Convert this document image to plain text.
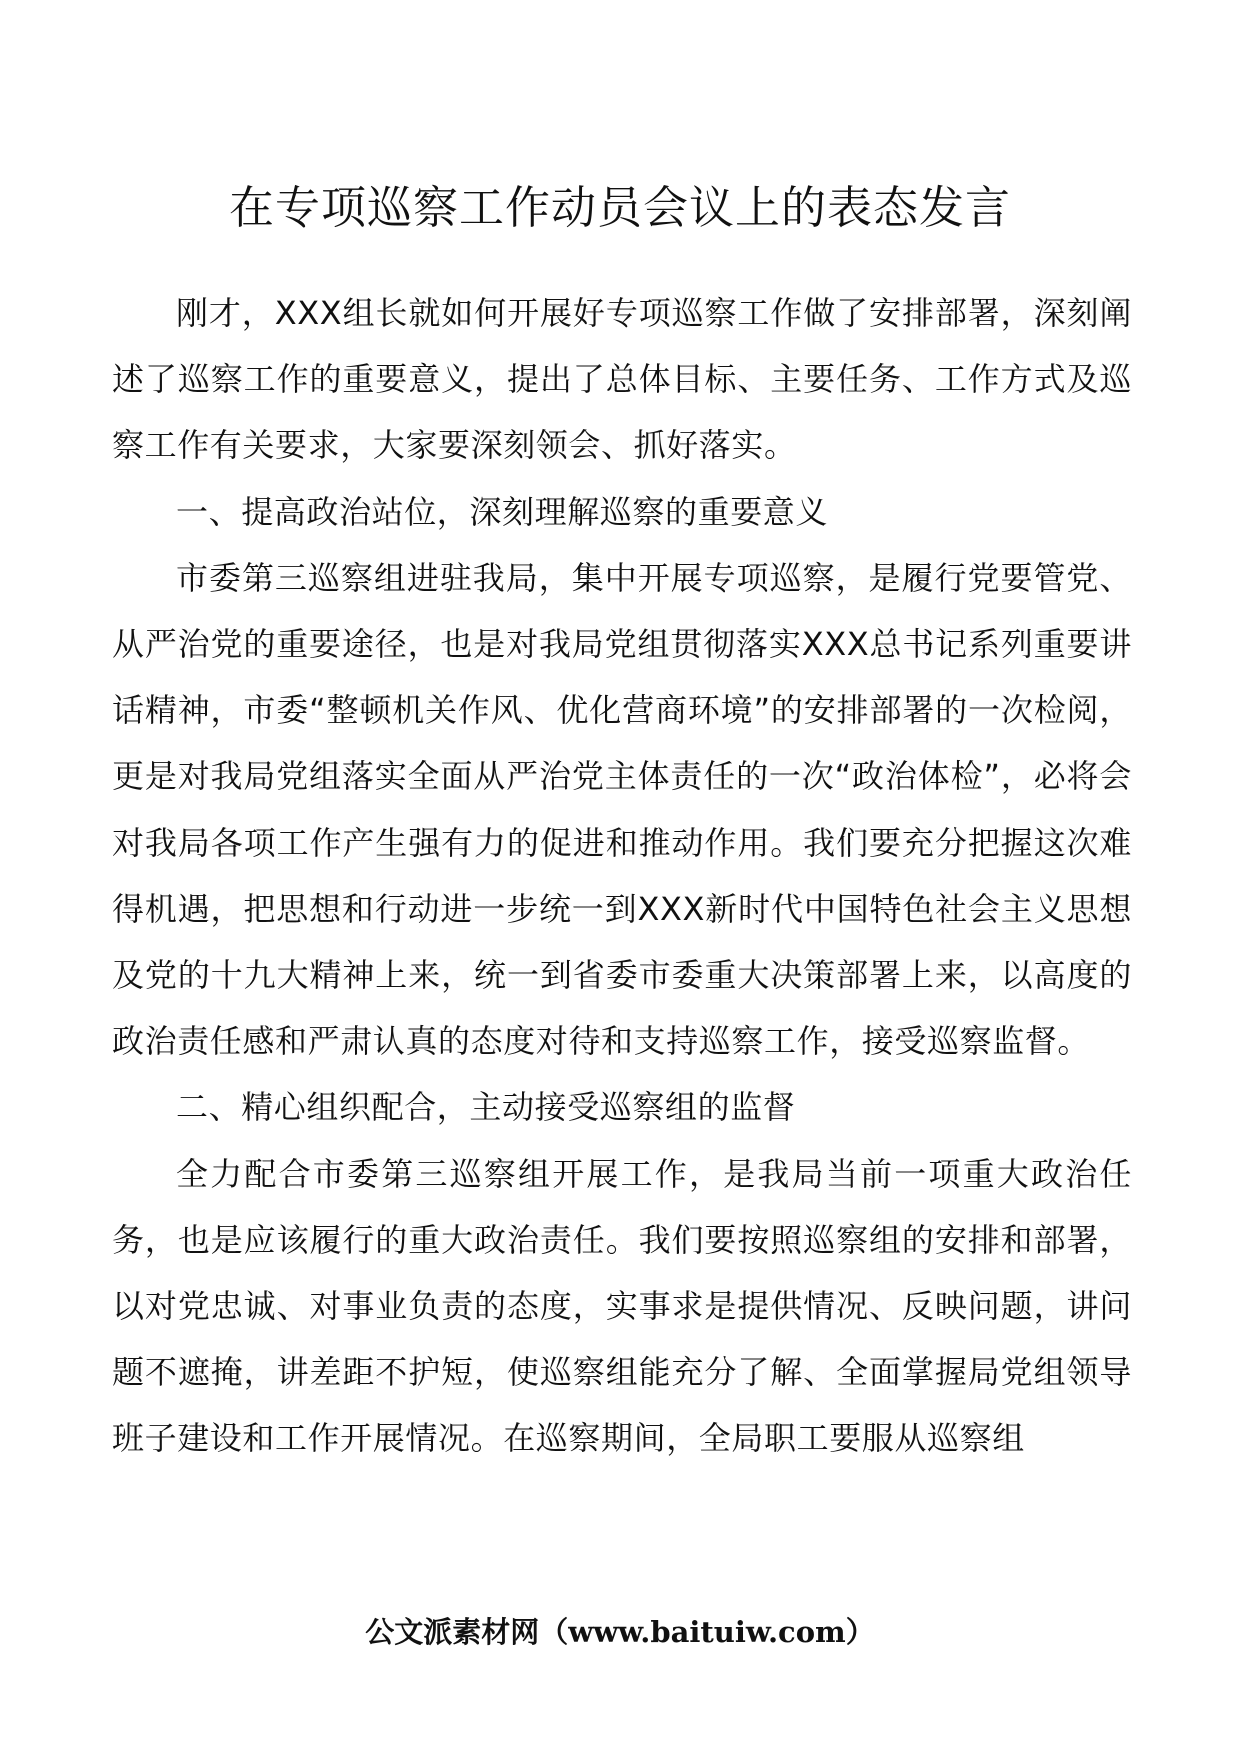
在专项巡察工作动员会议上的表态发言

刚才，XXX组长就如何开展好专项巡察工作做了安排部署，深刻阐述了巡察工作的重要意义，提出了总体目标、主要任务、工作方式及巡察工作有关要求，大家要深刻领会、抓好落实。

一、提高政治站位，深刻理解巡察的重要意义

市委第三巡察组进驻我局，集中开展专项巡察，是履行党要管党、从严治党的重要途径，也是对我局党组贯彻落实XXX总书记系列重要讲话精神，市委“整顿机关作风、优化营商环境”的安排部署的一次检阅，更是对我局党组落实全面从严治党主体责任的一次“政治体检”，必将会对我局各项工作产生强有力的促进和推动作用。我们要充分把握这次难得机遇，把思想和行动进一步统一到XXX新时代中国特色社会主义思想及党的十九大精神上来，统一到省委市委重大决策部署上来，以高度的政治责任感和严肃认真的态度对待和支持巡察工作，接受巡察监督。

二、精心组织配合，主动接受巡察组的监督

全力配合市委第三巡察组开展工作，是我局当前一项重大政治任务，也是应该履行的重大政治责任。我们要按照巡察组的安排和部署，以对党忠诚、对事业负责的态度，实事求是提供情况、反映问题，讲问题不遮掩，讲差距不护短，使巡察组能充分了解、全面掌握局党组领导班子建设和工作开展情况。在巡察期间，全局职工要服从巡察组

公文派素材网（www.baituiw.com）
